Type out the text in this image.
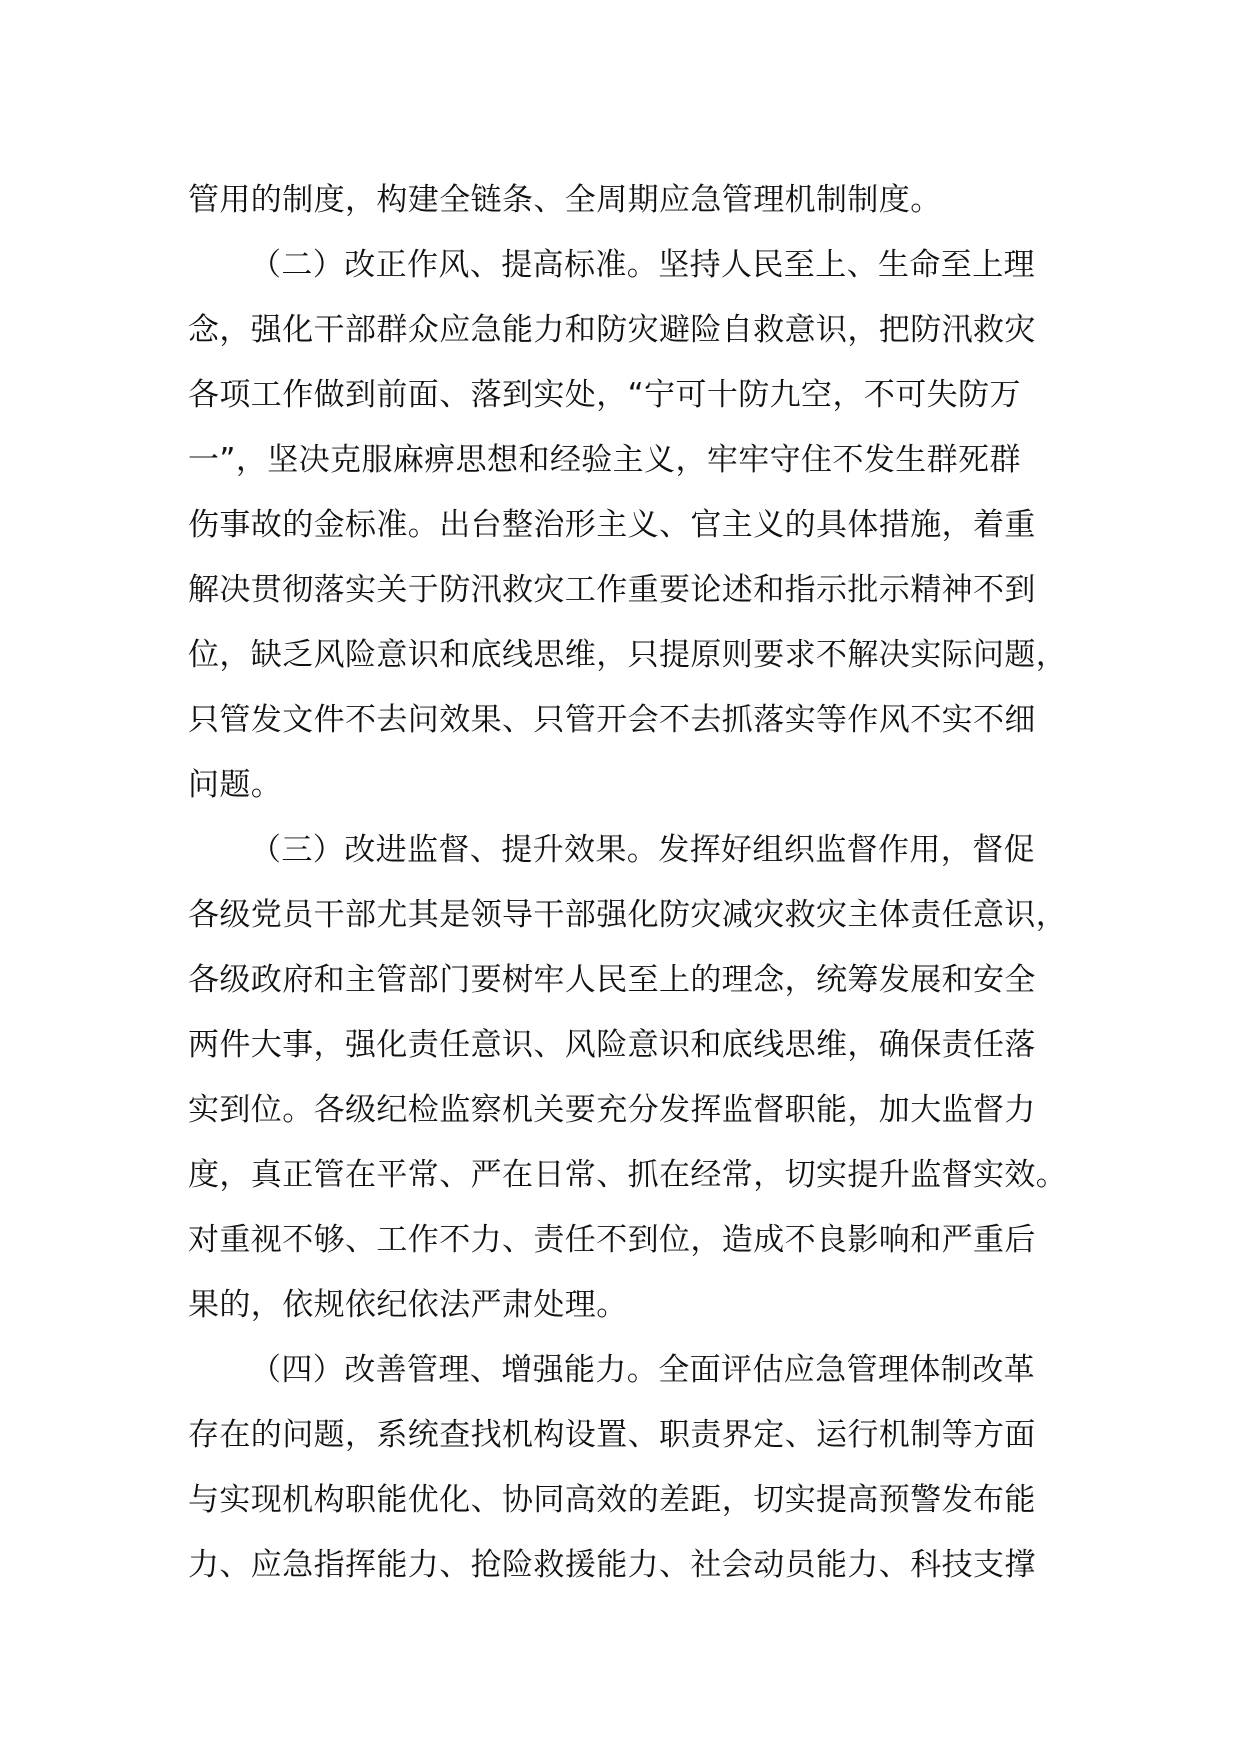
管用的制度，构建全链条、全周期应急管理机制制度。
（二）改正作风、提高标准。坚持人民至上、生命至上理
念，强化干部群众应急能力和防灾避险自救意识，把防汛救灾
各项工作做到前面、落到实处，“宁可十防九空，不可失防万
一”，坚决克服麻痹思想和经验主义，牢牢守住不发生群死群
伤事故的金标准。出台整治形主义、官主义的具体措施，着重
解决贯彻落实关于防汛救灾工作重要论述和指示批示精神不到
位，缺乏风险意识和底线思维，只提原则要求不解决实际问题，
只管发文件不去问效果、只管开会不去抓落实等作风不实不细
问题。
（三）改进监督、提升效果。发挥好组织监督作用，督促
各级党员干部尤其是领导干部强化防灾减灾救灾主体责任意识，
各级政府和主管部门要树牢人民至上的理念，统筹发展和安全
两件大事，强化责任意识、风险意识和底线思维，确保责任落
实到位。各级纪检监察机关要充分发挥监督职能，加大监督力
度，真正管在平常、严在日常、抓在经常，切实提升监督实效。
对重视不够、工作不力、责任不到位，造成不良影响和严重后
果的，依规依纪依法严肃处理。
（四）改善管理、增强能力。全面评估应急管理体制改革
存在的问题，系统查找机构设置、职责界定、运行机制等方面
与实现机构职能优化、协同高效的差距，切实提高预警发布能
力、应急指挥能力、抢险救援能力、社会动员能力、科技支撑
